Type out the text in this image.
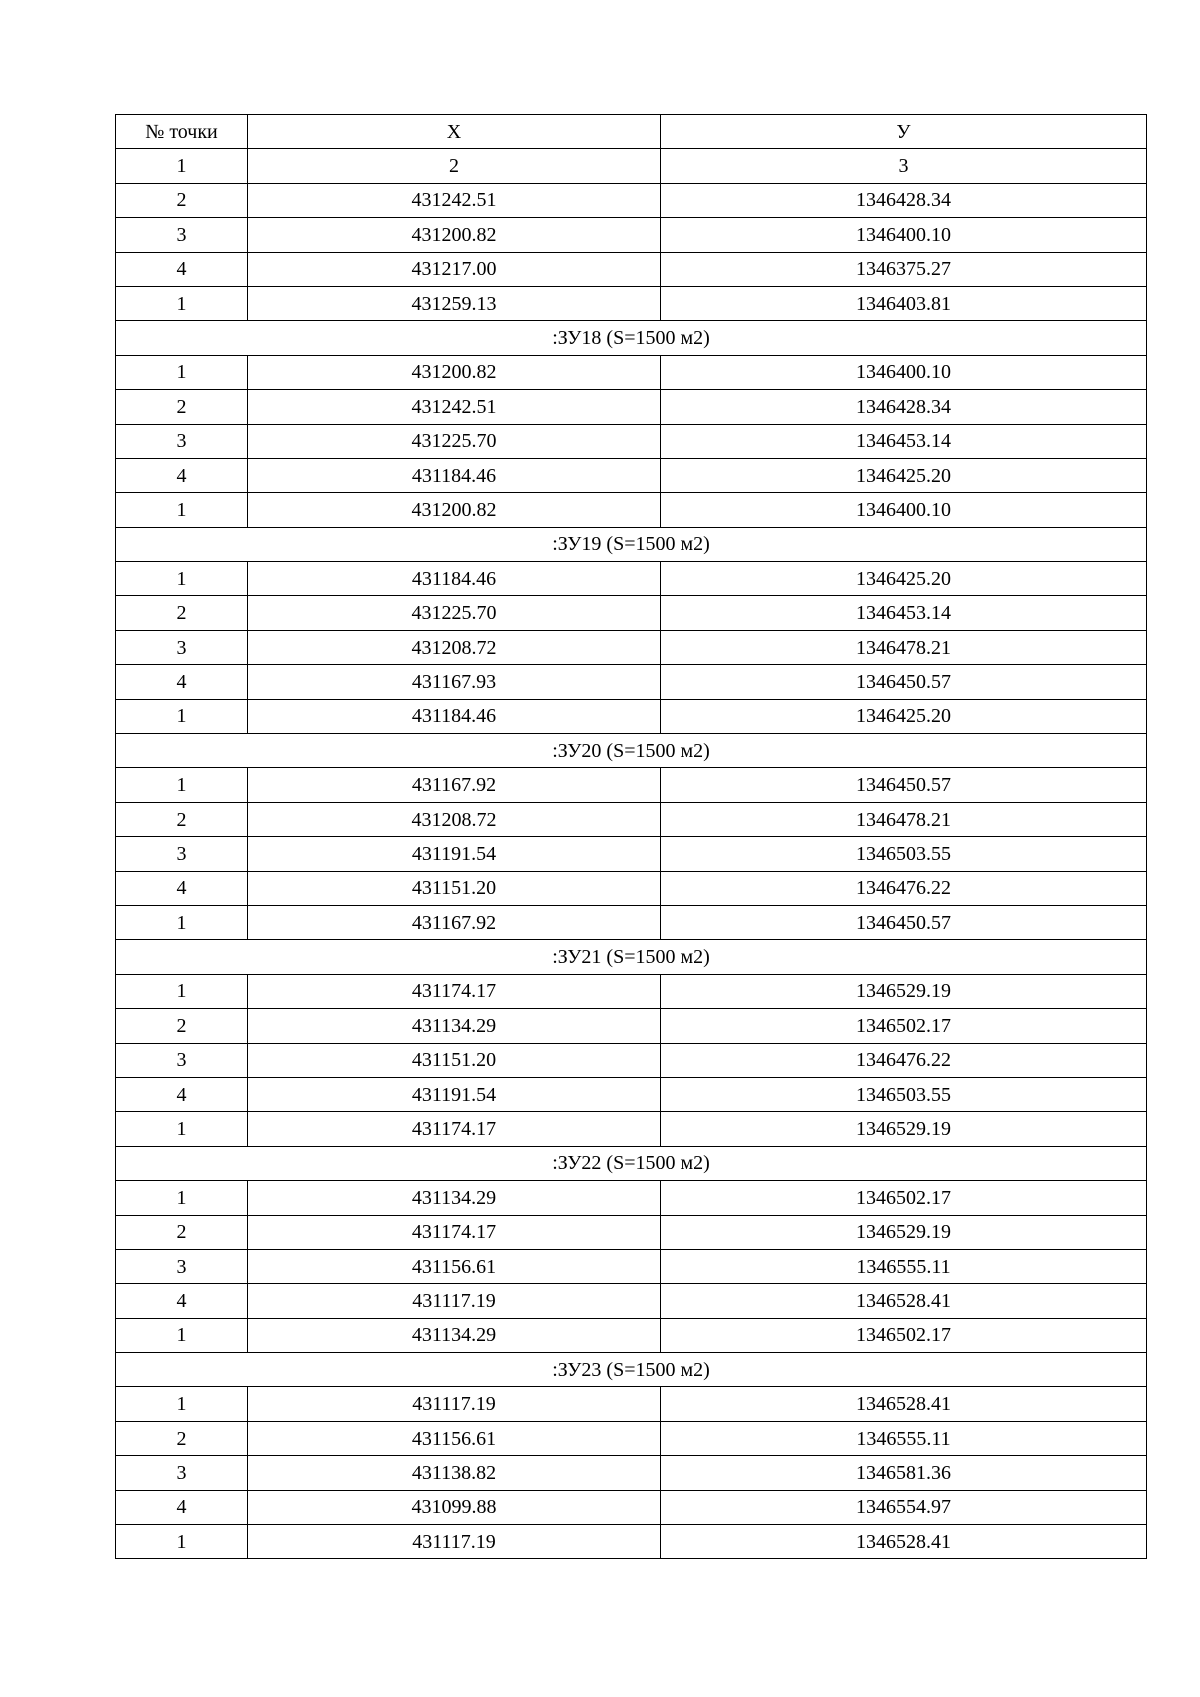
№ точки	Х	У
1	2	3
2	431242.51	1346428.34
3	431200.82	1346400.10
4	431217.00	1346375.27
1	431259.13	1346403.81
:ЗУ18 (S=1500 м2)		
1	431200.82	1346400.10
2	431242.51	1346428.34
3	431225.70	1346453.14
4	431184.46	1346425.20
1	431200.82	1346400.10
:ЗУ19 (S=1500 м2)		
1	431184.46	1346425.20
2	431225.70	1346453.14
3	431208.72	1346478.21
4	431167.93	1346450.57
1	431184.46	1346425.20
:ЗУ20 (S=1500 м2)		
1	431167.92	1346450.57
2	431208.72	1346478.21
3	431191.54	1346503.55
4	431151.20	1346476.22
1	431167.92	1346450.57
:ЗУ21 (S=1500 м2)		
1	431174.17	1346529.19
2	431134.29	1346502.17
3	431151.20	1346476.22
4	431191.54	1346503.55
1	431174.17	1346529.19
:ЗУ22 (S=1500 м2)		
1	431134.29	1346502.17
2	431174.17	1346529.19
3	431156.61	1346555.11
4	431117.19	1346528.41
1	431134.29	1346502.17
:ЗУ23 (S=1500 м2)		
1	431117.19	1346528.41
2	431156.61	1346555.11
3	431138.82	1346581.36
4	431099.88	1346554.97
1	431117.19	1346528.41
